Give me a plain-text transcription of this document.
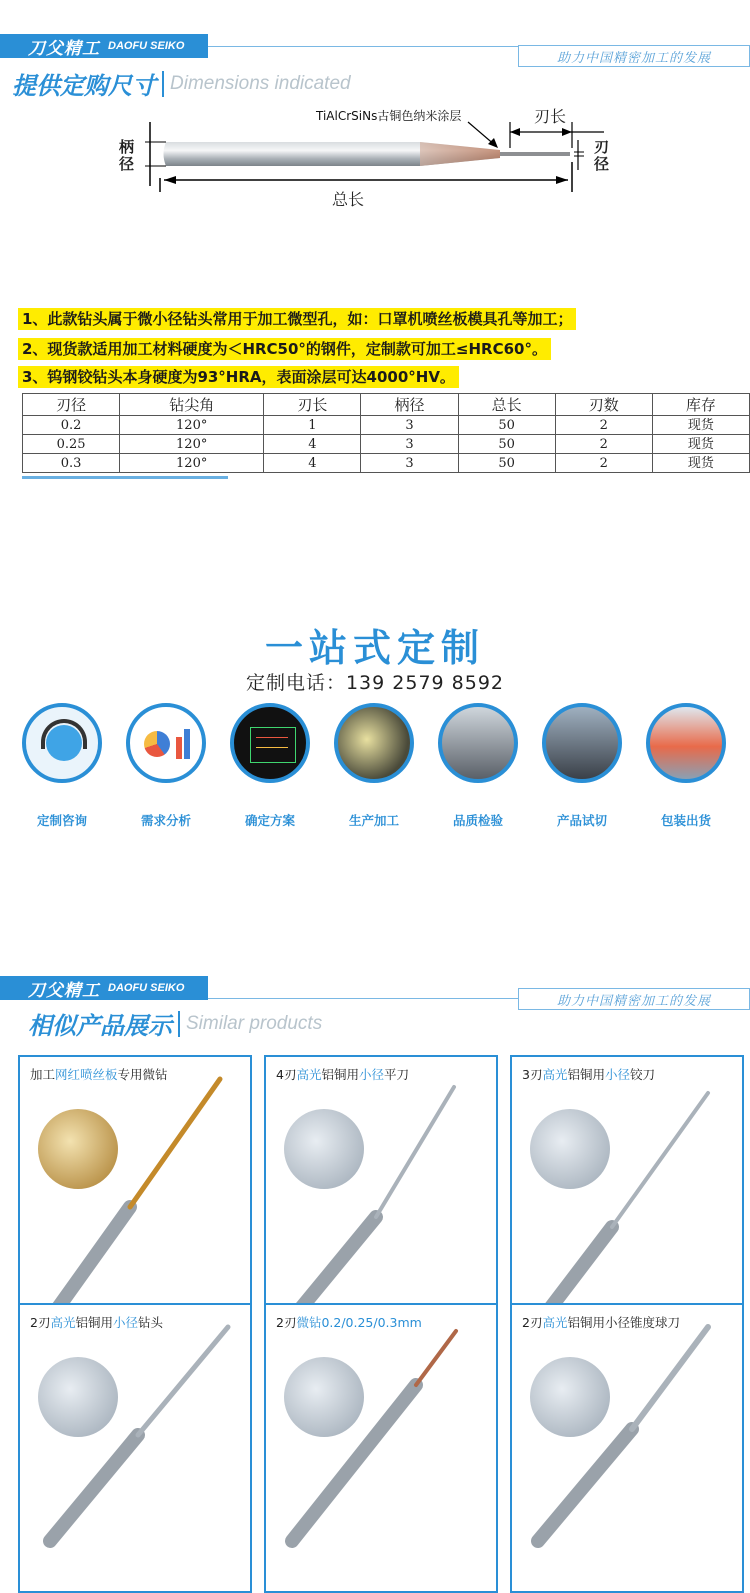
刀父精工 DAOFU SEIKO
助力中国精密加工的发展
提供定购尺寸 Dimensions indicated
柄
径
刃
径
刃长
总长
TiAlCrSiNs古铜色纳米涂层
1、此款钻头属于微小径钻头常用于加工微型孔，如：口罩机喷丝板模具孔等加工；
2、现货款适用加工材料硬度为＜HRC50°的钢件，定制款可加工≤HRC60°。
3、钨钢铰钻头本身硬度为93°HRA，表面涂层可达4000°HV。
刃径	钻尖角	刃长	柄径	总长	刃数	库存
0.2	120°	1	3	50	2	现货
0.25	120°	4	3	50	2	现货
0.3	120°	4	3	50	2	现货
一站式定制
定制电话：139 2579 8592
定制咨询	需求分析	确定方案	生产加工	品质检验	产品试切	包装出货
刀父精工 DAOFU SEIKO
助力中国精密加工的发展
相似产品展示 Similar products
加工网红喷丝板专用微钻	4刃高光铝铜用小径平刀	3刃高光铝铜用小径铰刀
2刃高光铝铜用小径钻头	2刃微钻0.2/0.25/0.3mm	2刃高光铝铜用小径锥度球刀
